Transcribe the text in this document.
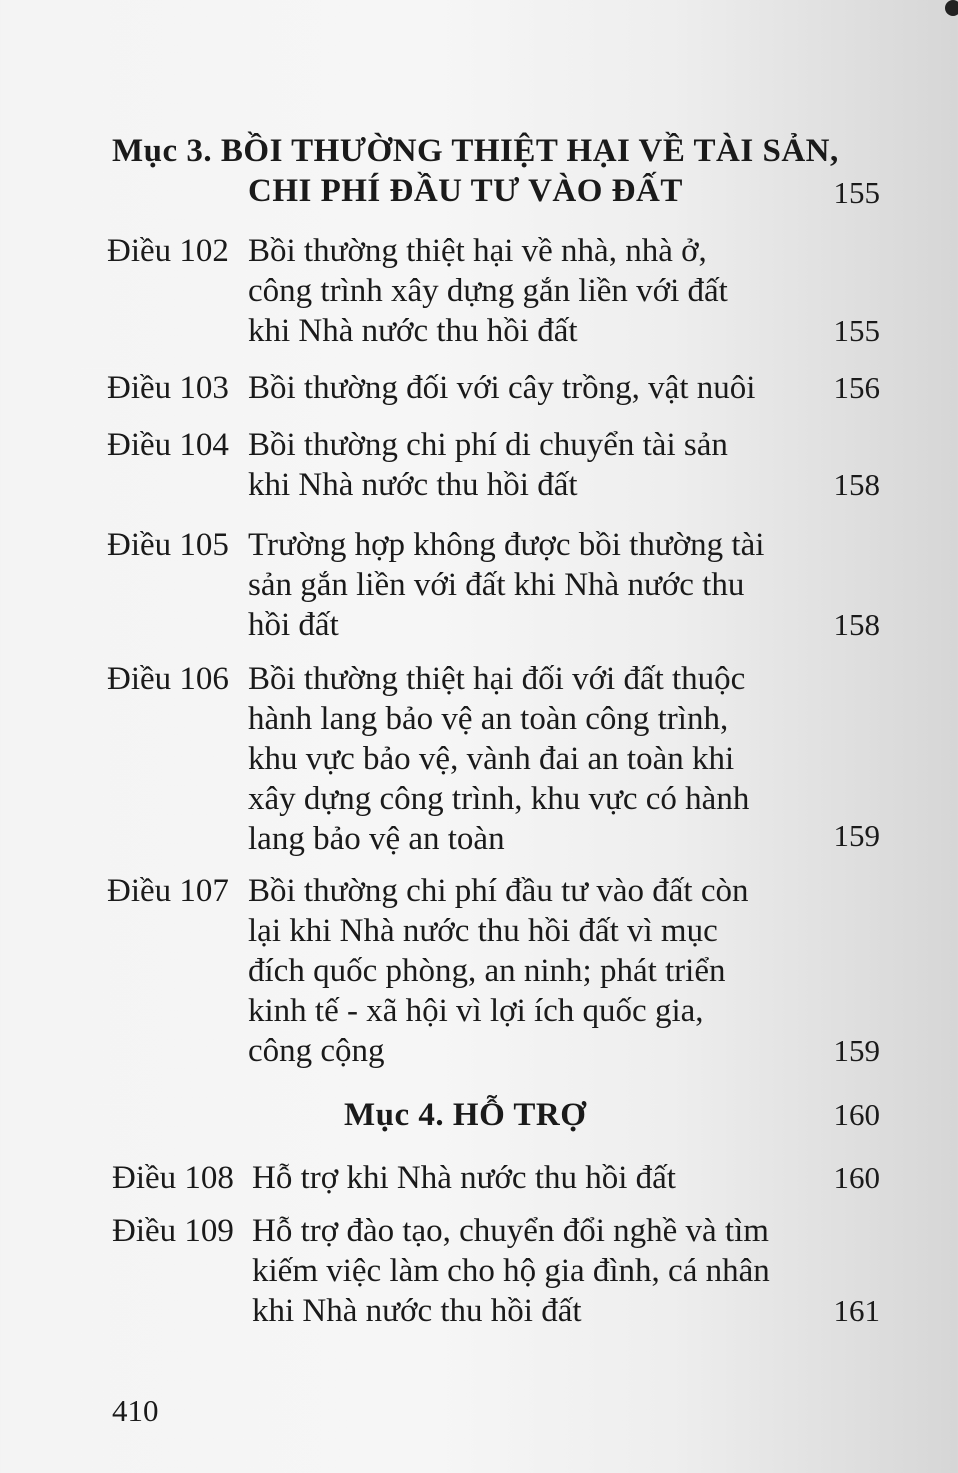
Mục 3. BỒI THƯỜNG THIỆT HẠI VỀ TÀI SẢN,
CHI PHÍ ĐẦU TƯ VÀO ĐẤT	155
Điều 102 Bồi thường thiệt hại về nhà, nhà ở,
công trình xây dựng gắn liền với đất
khi Nhà nước thu hồi đất	155
Điều 103 Bồi thường đối với cây trồng, vật nuôi	156
Điều 104 Bồi thường chi phí di chuyển tài sản
khi Nhà nước thu hồi đất	158
Điều 105 Trường hợp không được bồi thường tài
sản gắn liền với đất khi Nhà nước thu
hồi đất	158
Điều 106 Bồi thường thiệt hại đối với đất thuộc
hành lang bảo vệ an toàn công trình,
khu vực bảo vệ, vành đai an toàn khi
xây dựng công trình, khu vực có hành
lang bảo vệ an toàn	159
Điều 107 Bồi thường chi phí đầu tư vào đất còn
lại khi Nhà nước thu hồi đất vì mục
đích quốc phòng, an ninh; phát triển
kinh tế - xã hội vì lợi ích quốc gia,
công cộng	159
Mục 4. HỖ TRỢ	160
Điều 108 Hỗ trợ khi Nhà nước thu hồi đất	160
Điều 109 Hỗ trợ đào tạo, chuyển đổi nghề và tìm
kiếm việc làm cho hộ gia đình, cá nhân
khi Nhà nước thu hồi đất	161
410
